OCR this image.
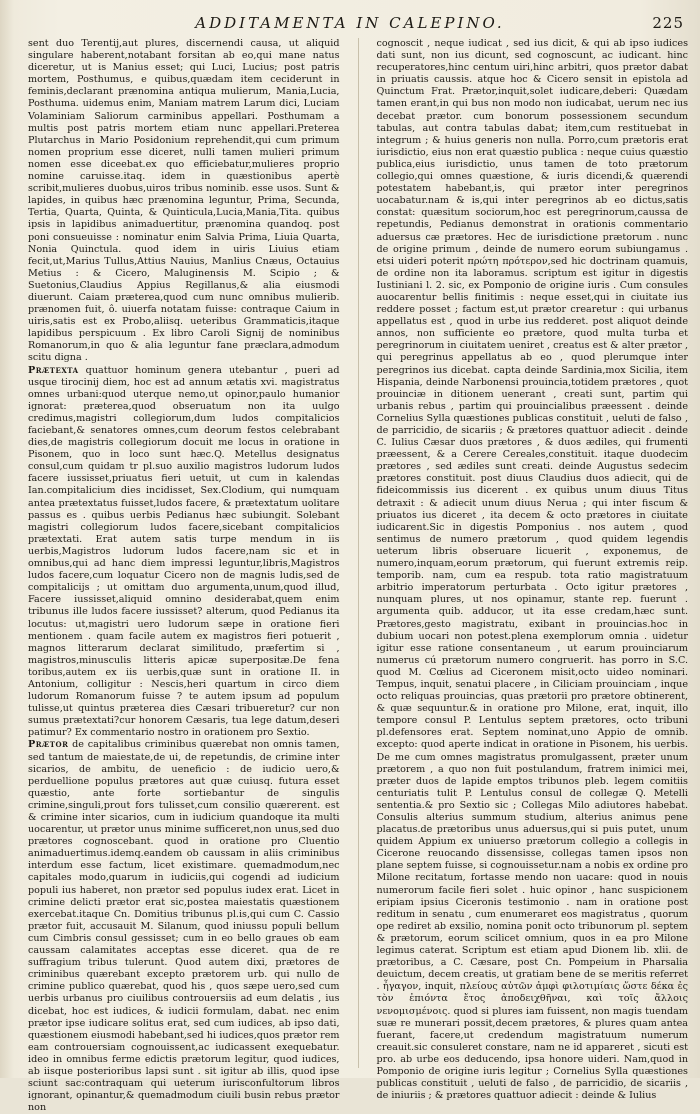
ADDITAMENTA IN CALEPINO.	225

sent duo Terentij,aut plures, discernendi causa, ut aliquid singulare haberent,notabant forsitan ab eo,qui mane natus diceretur, ut is Manius esset; qui Luci, Lucius; post patris mortem, Posthumus, e quibus,quædam item ceciderunt in feminis,declarant prænomina antiqua mulierum, Mania,Lucia, Posthuma. uidemus enim, Maniam matrem Larum dici, Luciam Volaminiam Saliorum carminibus appellari. Posthumam a multis post patris mortem etiam nunc appellari.Preterea Plutarchus in Mario Posidonium reprehendit,qui cum primum nomen proprium esse diceret, nulli tamen mulieri primum nomen esse diceebat.ex quo efficiebatur,mulieres proprio nomine caruisse.itaq. idem in quæstionibus apertè scribit,mulieres duobus,uiros tribus nominib. esse usos. Sunt & lapides, in quibus hæc prænomina leguntur, Prima, Secunda, Tertia, Quarta, Quinta, & Quinticula,Lucia,Mania,Tita. quibus ipsis in lapidibus animaduertitur, prænomina quandoq. post poni consueuisse : nominatur enim Salvia Prima, Liuia Quarta, Nonia Quinctula. quod idem in uiris Liuius etiam fecit,ut,Marius Tullus,Attius Nauius, Manlius Cnæus, Octauius Metius : & Cicero, Maluginensis M. Scipio ; & Suetonius,Claudius Appius Regillanus,& alia eiusmodi diuerunt. Caiam præterea,quod cum nunc omnibus mulierib. prænomen fuit, ô. uiuerfa notatam fuisse: contraque Caium in uiris,satis est ex Probo,aliisq. ueteribus Grammaticis,itaque lapidibus perspicuum . Ex libro Caroli Signij de nominibus Romanorum,in quo & alia leguntur fane præclara,admodum scitu digna .

Prætexta quattuor hominum genera utebantur , pueri ad usque tirocinij diem, hoc est ad annum ætatis xvi. magistratus omnes urbani:quod uterque nemo,ut opinor,paulo humanior ignorat: præterea,quod obseruatum non ita uulgo credimus,magistri collegiorum,dum ludos compitalicios faciebant,& senatores omnes,cum deorum festos celebrabant dies,de magistris collegiorum docuit me locus in oratione in Pisonem, quo in loco sunt hæc.Q. Metellus designatus consul,cum quidam tr pl.suo auxilio magistros ludorum ludos facere iussisset,priuatus fieri uetuit, ut cum in kalendas Ian.compitalicium dies incidisset, Sex.Clodium, qui numquam antea prætextatus fuisset,ludos facere, & prætextatum uolitare passus es . quibus uerbis Pedianus hæc subiungit. Solebant magistri collegiorum ludos facere,sicebant compitalicios prætextati. Erat autem satis turpe mendum in iis uerbis,Magistros ludorum ludos facere,nam sic et in omnibus,qui ad hanc diem impressi leguntur,libris,Magistros ludos facere,cum loquatur Cicero non de magnis ludis,sed de compitalicijs ; ut omittam duo argumenta,unum,quod illud, Facere iussisset,aliquid omnino desiderabat,quem enim tribunus ille ludos facere iussisset? alterum, quod Pedianus ita locutus: ut,magistri uero ludorum sæpe in oratione fieri mentionem . quam facile autem ex magistros fieri potuerit , magnos litterarum declarat similitudo, præfertim si , magistros,minusculis litteris apicæ superpositæ.De fena toribus,autem ex iis uerbis,quæ sunt in oratione II. in Antonium, colligitur : Nescis,heri quartum in circo diem ludorum Romanorum fuisse ? te autem ipsum ad populum tulisse,ut quintus præterea dies Cæsari tribueretur? cur non sumus prætextati?cur honorem Cæsaris, tua lege datum,deseri patimur? Ex commentario nostro in orationem pro Sextio.

Prætor de capitalibus criminibus quærebat non omnis tamen, sed tantum de maiestate,de ui, de repetundis, de crimine inter sicarios, de ambitu, de ueneficio : de iudicio uero,& perduellione populus prætores aut quæ cuiusq. futura esset quæstio, ante forte sortiebantur de singulis crimine,singuli,prout fors tulisset,cum consilio quærerent. est & crimine inter sicarios, cum in iudicium quandoque ita multi uocarentur, ut prætor unus minime sufficeret,non unus,sed duo prætores cognoscebant. quod in oratione pro Cluentio animaduertimus.idemq.eandem ob caussam in aliis criminibus interdum esse factum, licet existimare. quemadmodum,nec capitales modo,quarum in iudiciis,qui cogendi ad iudicium populi ius haberet, non prætor sed populus iudex erat. Licet in crimine delicti prætor erat sic,postea maiestatis quæstionem exercebat.itaque Cn. Domitius tribunus pl.is,qui cum C. Cassio prætor fuit, accusauit M. Silanum, quod iniussu populi bellum cum Cimbris consul gessisset; cum in eo bello graues ob eam caussam calamitates acceptas esse diceret. qua de re suffragium tribus tulerunt. Quod autem dixi, prætores de criminibus quærebant excepto prætorem urb. qui nullo de crimine publico quærebat, quod his , quos sæpe uero,sed cum uerbis urbanus pro ciuilibus controuersiis ad eum delatis , ius dicebat, hoc est iudices, & iudicii formulam, dabat. nec enim prætor ipse iudicare solitus erat, sed cum iudices, ab ipso dati, quæstionem eiusmodi habebant,sed hi iudices,quos prætor rem eam controuersiam cognouissent,ac iudicassent exequebatur. ideo in omnibus ferme edictis prætorum legitur, quod iudices, ab iisque posterioribus lapsi sunt . sit igitur ab illis, quod ipse sciunt sac:contraquam qui ueterum iurisconfultorum libros ignorant, opinantur,& quemadmodum ciuili busin rebus prætor non

cognoscit , neque iudicat , sed ius dicit, & qui ab ipso iudices dati sunt, non ius dicunt, sed cognoscunt, ac iudicant. hinc recuperatores,hinc centum uiri,hinc arbitri, quos prætor dabat in priuatis caussis. atque hoc & Cicero sensit in epistola ad Quinctum Frat. Prætor,inquit,solet iudicare,deberi: Quædam tamen erant,in qui bus non modo non iudicabat, uerum nec ius decebat prætor. cum bonorum possessionem secundum tabulas, aut contra tabulas dabat; item,cum restituebat in integrum ; & huius generis non nulla. Porro,cum prætoris erat iurisdictio, eius non erat quæstio publica : neque cuius quæstio publica,eius iurisdictio, unus tamen de toto prætorum collegio,qui omnes quæstione, & iuris dicendi,& quærendi potestatem habebant,is, qui prætor inter peregrinos uocabatur.nam & is,qui inter peregrinos ab eo dictus,satis constat: quæsitum sociorum,hoc est peregrinorum,caussa de repetundis, Pedianus demonstrat in orationis commentario aduersus cæ prætores. Hec de iurisdictione prætorum . nunc de origine primum , deinde de numero eorum subiungamus . etsi uideri poterit πρώτη πρότερον,sed hic doctrinam quamuis, de ordine non ita laboramus. scriptum est igitur in digestis Iustiniani l. 2. sic, ex Pomponio de origine iuris . Cum consules auocarentur bellis finitimis : neque esset,qui in ciuitate ius reddere posset ; factum est,ut prætor crearetur : qui urbanus appellatus est , quod in urbe ius redderet. post aliquot deinde annos, non sufficiente eo prætore, quod multa turba et peregrinorum in ciuitatem ueniret , creatus est & alter prætor , qui peregrinus appellatus ab eo , quod plerumque inter peregrinos ius dicebat. capta deinde Sardinia,mox Sicilia, item Hispania, deinde Narbonensi prouincia,totidem prætores , quot prouinciæ in ditionem uenerant , creati sunt, partim qui urbanis rebus , partim qui prouincialibus præessent . deinde Cornelius Sylla quæstiones publicas constituit , ueluti de falso , de parricidio, de sicariis ; & prætores quattuor adiecit . deinde C. Iulius Cæsar duos prætores , & duos ædiles, qui frumenti præessent, & a Cerere Cereales,constituit. itaque duodecim prætores , sed ædiles sunt creati. deinde Augustus sedecim prætores constituit. post diuus Claudius duos adiecit, qui de fideicommissis ius dicerent . ex quibus unum diuus Titus detraxit : & adiecit unum diuus Nerua ; qui inter fiscum & priuatos ius diceret , ita decem & octo prætores in ciuitate iudicarent.Sic in digestis Pomponius . nos autem , quod sentimus de numero prætorum , quod quidem legendis ueterum libris obseruare licuerit , exponemus, de numero,inquam,eorum prætorum, qui fuerunt extremis reip. temporib. nam, cum ea respub. tota ratio magistratuum arbitrio imperatorum perturbata . Octo igitur prætores , nunquam plures, ut nos opinamur, stante rep. fuerunt . argumenta quib. adducor, ut ita esse credam,hæc sunt. Prætores,gesto magistratu, exibant in prouincias.hoc in dubium uocari non potest.plena exemplorum omnia . uidetur igitur esse ratione consentaneum , ut earum prouinciarum numerus cú prætorum numero congruerit. has porro in S.C. quod M. Cœlius ad Ciceronem misit,octo uideo nominari. Tempus, inquit, senatui placere , in Ciliciam prouinciam , inque octo reliquas prouincias, quas prætorii pro prætore obtinerent, & quæ sequuntur.& in oratione pro Milone, erat, inquit, illo tempore consul P. Lentulus septem prætores, octo tribuni pl.defensores erat. Septem nominat,uno Appio de omnib. excepto: quod aperte indicat in oratione in Pisonem, his uerbis. De me cum omnes magistratus promulgassent, præter unum prætorem , a quo non fuit postulandum, fratrem inimici mei, præter duos de lapide emptos tribunos pleb. legem comitiis centuriatis tulit P. Lentulus consul de collegæ Q. Metelli sententia.& pro Sextio sic ; Collegas Milo adiutores habebat. Consulis alterius summum studium, alterius animus pene placatus.de prætoribus unus aduersus,qui si puis putet, unum quidem Appium ex uniuerso prætorum collegio a collegis in Cicerone reuocando dissensisse, collegas tamen ipsos non plane septem fuisse, si cognouissetur.nam a nobis ex ordine pro Milone recitatum, fortasse mendo non uacare: quod in nouis numerorum facile fieri solet . huic opinor , hanc suspicionem eripiam ipsius Ciceronis testimonio . nam in oratione post reditum in senatu , cum enumeraret eos magistratus , quorum ope rediret ab exsilio, nomina ponit octo tribunorum pl. septem & prætorum, eorum scilicet omnium, quos in ea pro Milone legimus caterat. Scriptum est etiam apud Dionem lib. xlii. de prætoribus, a C. Cæsare, post Cn. Pompeium in Pharsalia deuictum, decem creatis, ut gratiam bene de se meritis referret . ἦγαγον, inquit, πλείους αὐτῶν ἀμφὶ φιλοτιμίαις ὥστε δέκα ἐς τὸν ἐπιόντα ἔτος ἀποδειχθῆναι, καὶ τοῖς ἄλλοις νενομισμένοις. quod si plures iam fuissent, non magis tuendam suæ re munerari possit,decem prætores, & plures quam antea fuerant, facere,ut credendum magistratuum numerum creauit.sic consuleret constare, nam ne id appareret , sicuti est pro. ab urbe eos deducendo, ipsa honore uideri. Nam,quod in Pomponio de origine iuris legitur ; Cornelius Sylla quæstiones publicas constituit , ueluti de falso , de parricidio, de sicariis , de iniuriis ; & prætores quattuor adiecit : deinde & Iulius
